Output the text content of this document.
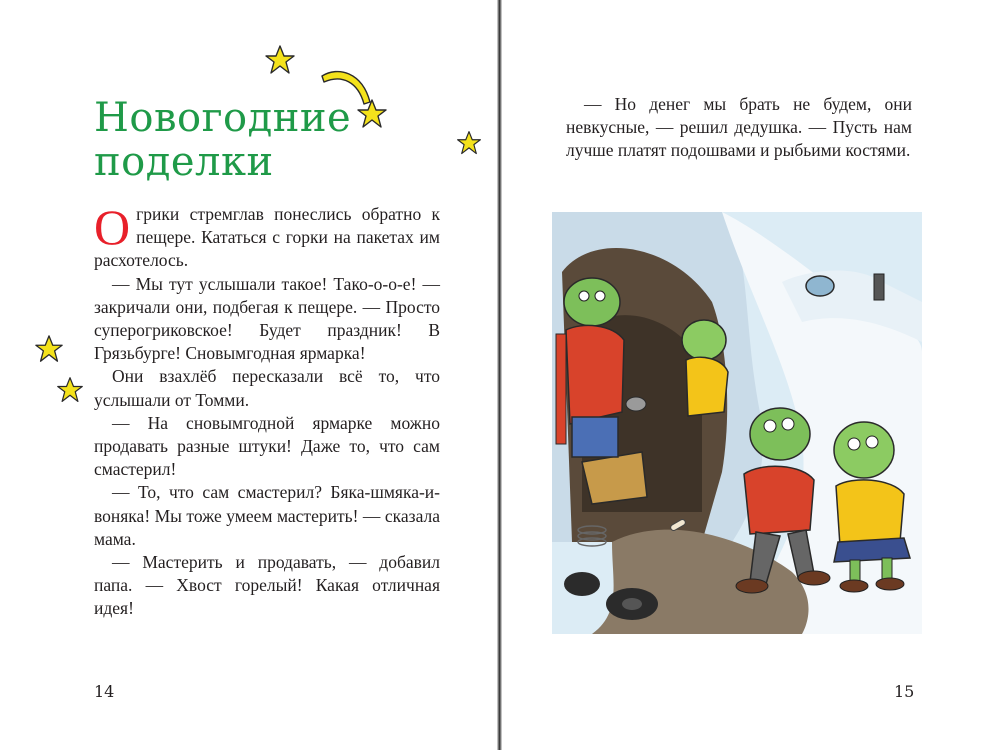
Новогодние
поделки

Огрики стремглав понеслись обратно к пещере. Кататься с горки на пакетах им расхотелось.

— Мы тут услышали такое! Тако-о-о-е! — закричали они, подбегая к пещере. — Просто суперогриковское! Будет праздник! В Грязьбурге! Сновымгодная ярмарка!

Они взахлёб пересказали всё то, что услышали от Томми.

— На сновымгодной ярмарке можно продавать разные штуки! Даже то, что сам смастерил!

— То, что сам смастерил? Бяка-шмяка-и-воняка! Мы тоже умеем мастерить! — сказала мама.

— Мастерить и продавать, — добавил папа. — Хвост горелый! Какая отличная идея!

14

— Но денег мы брать не будем, они невкусные, — решил дедушка. — Пусть нам лучше платят подошвами и рыбьими костями.

15
